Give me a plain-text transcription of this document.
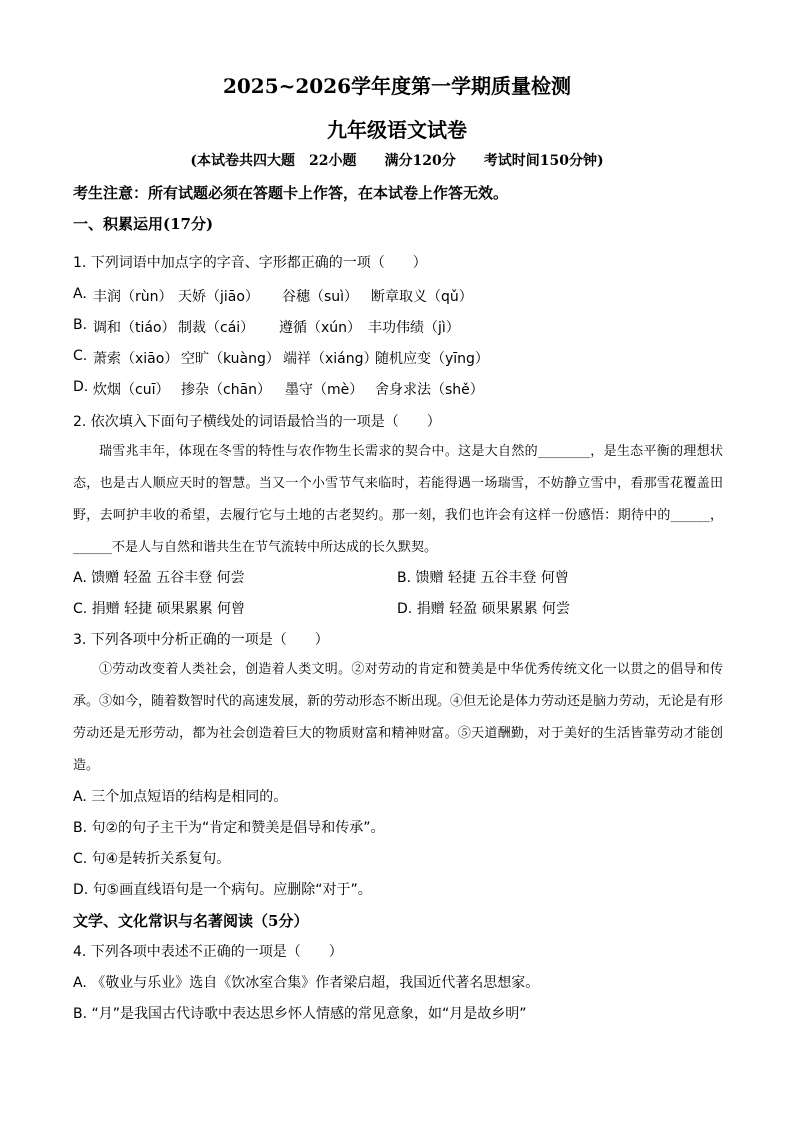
2025~2026学年度第一学期质量检测
九年级语文试卷
(本试卷共四大题　22小题　　满分120分　　考试时间150分钟)
考生注意：所有试题必须在答题卡上作答，在本试卷上作答无效。
一、积累运用(17分)
1. 下列词语中加点字的字音、字形都正确的一项（　　）
A. 丰润（rùn） 天娇（jiāo） 谷穗（suì） 断章取义（qǔ）
B. 调和（tiáo） 制裁（cái） 遵循（xún） 丰功伟绩（jì）
C. 萧索（xiāo） 空旷（kuàng） 端祥（xiáng）
随机应变（yīng）
D. 炊烟（cuī） 掺杂（chān） 墨守（mè） 舍身求法（shě）
2. 依次填入下面句子横线处的词语最恰当的一项是（　　）

瑞雪兆丰年，体现在冬雪的特性与农作物生长需求的契合中。这是大自然的________，是生态平衡的理想状态，也是古人顺应天时的智慧。当又一个小雪节气来临时，若能得遇一场瑞雪，不妨静立雪中，看那雪花覆盖田野，去呵护丰收的希望，去履行它与土地的古老契约。那一刻，我们也许会有这样一份感悟：期待中的______，______不是人与自然和谐共生在节气流转中所达成的长久默契。

A. 馈赠 轻盈 五谷丰登 何尝	B. 馈赠 轻捷 五谷丰登 何曾
C. 捐赠 轻捷 硕果累累 何曾	D. 捐赠 轻盈 硕果累累 何尝
3. 下列各项中分析正确的一项是（　　）

①劳动改变着人类社会，创造着人类文明。②对劳动的肯定和赞美是中华优秀传统文化一以贯之的倡导和传承。③如今，随着数智时代的高速发展，新的劳动形态不断出现。④但无论是体力劳动还是脑力劳动，无论是有形劳动还是无形劳动，都为社会创造着巨大的物质财富和精神财富。⑤天道酬勤，对于美好的生活皆靠劳动才能创造。

A. 三个加点短语的结构是相同的。
B. 句②的句子主干为“肯定和赞美是倡导和传承”。
C. 句④是转折关系复句。
D. 句⑤画直线语句是一个病句。应删除“对于”。
文学、文化常识与名著阅读（5分）
4. 下列各项中表述不正确的一项是（　　）
A. 《敬业与乐业》选自《饮冰室合集》作者梁启超，我国近代著名思想家。
B. “月”是我国古代诗歌中表达思乡怀人情感的常见意象，如“月是故乡明”
